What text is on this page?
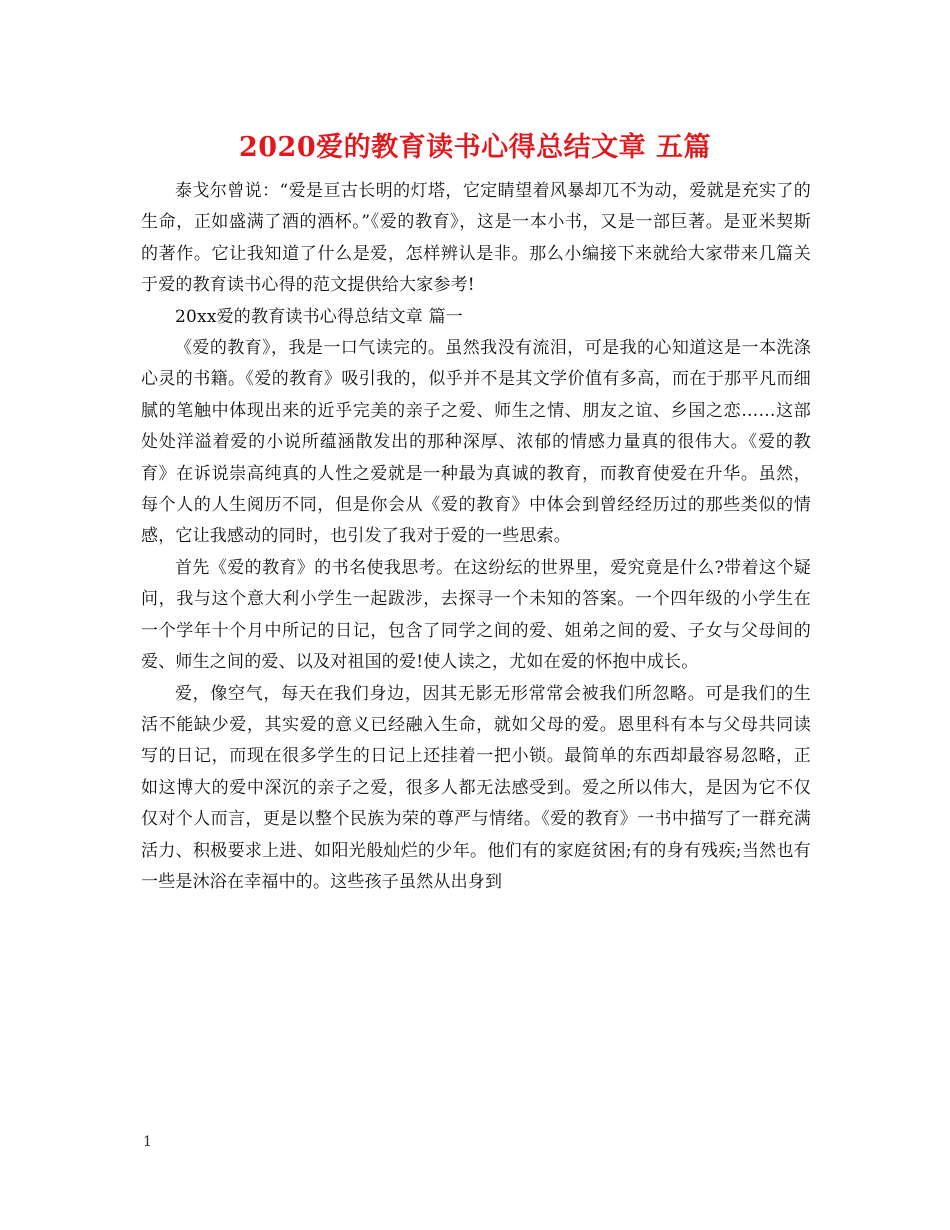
2020爱的教育读书心得总结文章 五篇

泰戈尔曾说：“爱是亘古长明的灯塔，它定睛望着风暴却兀不为动，爱就是充实了的生命，正如盛满了酒的酒杯。”《爱的教育》，这是一本小书，又是一部巨著。是亚米契斯的著作。它让我知道了什么是爱，怎样辨认是非。那么小编接下来就给大家带来几篇关于爱的教育读书心得的范文提供给大家参考!

20xx爱的教育读书心得总结文章 篇一

《爱的教育》，我是一口气读完的。虽然我没有流泪，可是我的心知道这是一本洗涤心灵的书籍。《爱的教育》吸引我的，似乎并不是其文学价值有多高，而在于那平凡而细腻的笔触中体现出来的近乎完美的亲子之爱、师生之情、朋友之谊、乡国之恋……这部处处洋溢着爱的小说所蕴涵散发出的那种深厚、浓郁的情感力量真的很伟大。《爱的教育》在诉说崇高纯真的人性之爱就是一种最为真诚的教育，而教育使爱在升华。虽然，每个人的人生阅历不同，但是你会从《爱的教育》中体会到曾经经历过的那些类似的情感，它让我感动的同时，也引发了我对于爱的一些思索。

首先《爱的教育》的书名使我思考。在这纷纭的世界里，爱究竟是什么?带着这个疑问，我与这个意大利小学生一起跋涉，去探寻一个未知的答案。一个四年级的小学生在一个学年十个月中所记的日记，包含了同学之间的爱、姐弟之间的爱、子女与父母间的爱、师生之间的爱、以及对祖国的爱!使人读之，尤如在爱的怀抱中成长。

爱，像空气，每天在我们身边，因其无影无形常常会被我们所忽略。可是我们的生活不能缺少爱，其实爱的意义已经融入生命，就如父母的爱。恩里科有本与父母共同读写的日记，而现在很多学生的日记上还挂着一把小锁。最简单的东西却最容易忽略，正如这博大的爱中深沉的亲子之爱，很多人都无法感受到。爱之所以伟大，是因为它不仅仅对个人而言，更是以整个民族为荣的尊严与情绪。《爱的教育》一书中描写了一群充满活力、积极要求上进、如阳光般灿烂的少年。他们有的家庭贫困;有的身有残疾;当然也有一些是沐浴在幸福中的。这些孩子虽然从出身到

1
